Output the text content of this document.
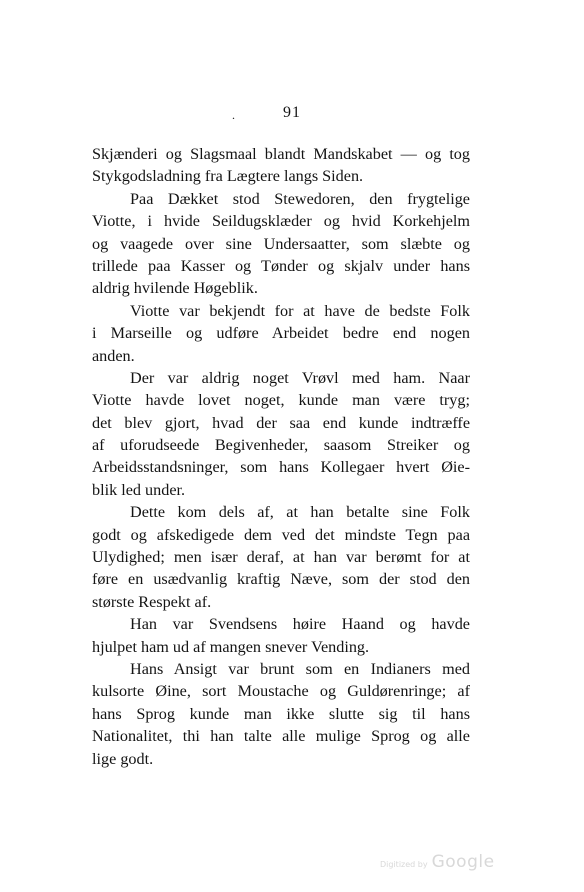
.	91
Skjænderi og Slagsmaal blandt Mandskabet — og tog
Stykgodsladning fra Lægtere langs Siden.
Paa Dækket stod Stewedoren, den frygtelige
Viotte, i hvide Seildugsklæder og hvid Korkehjelm
og vaagede over sine Undersaatter, som slæbte og
trillede paa Kasser og Tønder og skjalv under hans
aldrig hvilende Høgeblik.
Viotte var bekjendt for at have de bedste Folk
i Marseille og udføre Arbeidet bedre end nogen
anden.
Der var aldrig noget Vrøvl med ham. Naar
Viotte havde lovet noget, kunde man være tryg;
det blev gjort, hvad der saa end kunde indtræffe
af uforudseede Begivenheder, saasom Streiker og
Arbeidsstandsninger, som hans Kollegaer hvert Øie-
blik led under.
Dette kom dels af, at han betalte sine Folk
godt og afskedigede dem ved det mindste Tegn paa
Ulydighed; men især deraf, at han var berømt for at
føre en usædvanlig kraftig Næve, som der stod den
største Respekt af.
Han var Svendsens høire Haand og havde
hjulpet ham ud af mangen snever Vending.
Hans Ansigt var brunt som en Indianers med
kulsorte Øine, sort Moustache og Guldørenringe; af
hans Sprog kunde man ikke slutte sig til hans
Nationalitet, thi han talte alle mulige Sprog og alle
lige godt.
Digitized by Google
